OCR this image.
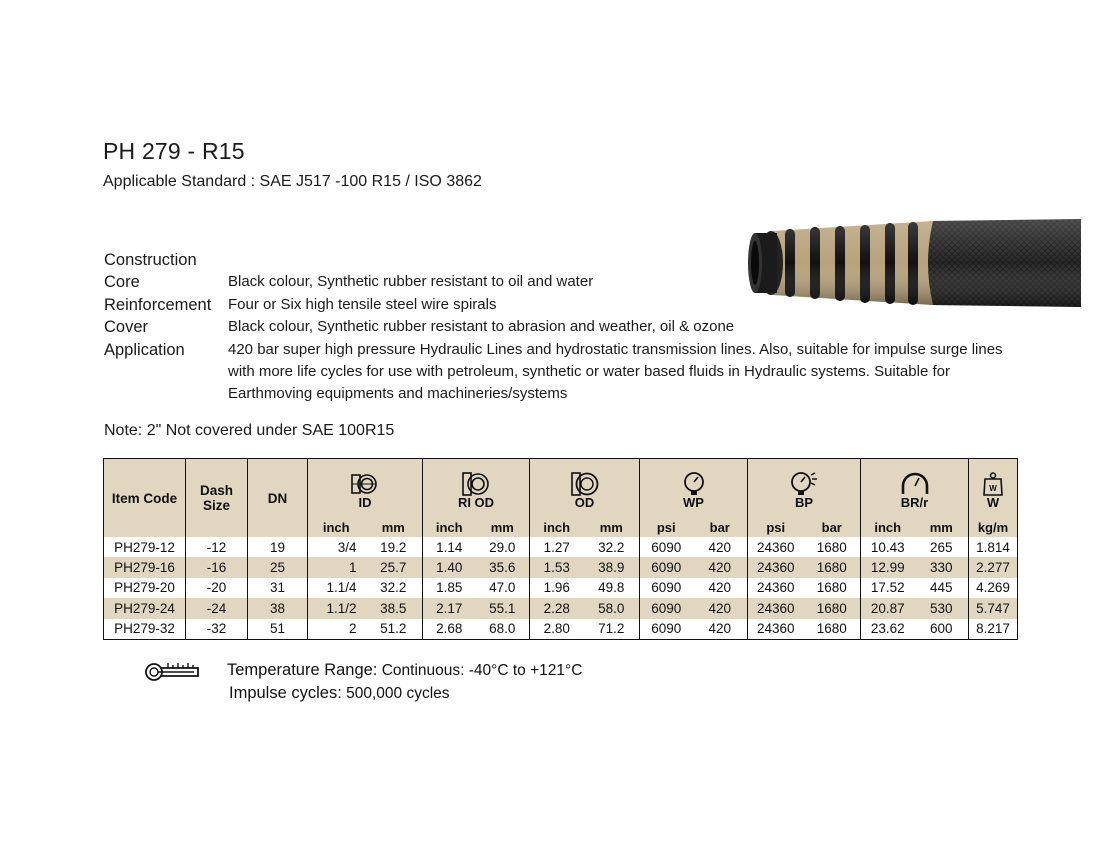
PH 279 - R15
Applicable Standard : SAE J517 -100 R15 / ISO 3862
Construction
Core	Black colour, Synthetic rubber resistant to oil and water
Reinforcement	Four or Six high tensile steel wire spirals
Cover	Black colour, Synthetic rubber resistant to abrasion and weather, oil & ozone
Application	420 bar super high pressure Hydraulic Lines and hydrostatic transmission lines. Also, suitable for impulse surge lines with more life cycles for use with petroleum, synthetic or water based fluids in Hydraulic systems. Suitable for Earthmoving equipments and machineries/systems
Note: 2" Not covered under SAE 100R15
Item Code	Dash Size	DN	ID		RI OD		OD		WP		BP		BR/r		W
W

			inch	mm	inch	mm	inch	mm	psi	bar	psi	bar	inch	mm	kg/m
PH279-12	-12	19	3/4	19.2	1.14	29.0	1.27	32.2	6090	420	24360	1680	10.43	265	1.814
PH279-16	-16	25	1	25.7	1.40	35.6	1.53	38.9	6090	420	24360	1680	12.99	330	2.277
PH279-20	-20	31	1.1/4	32.2	1.85	47.0	1.96	49.8	6090	420	24360	1680	17.52	445	4.269
PH279-24	-24	38	1.1/2	38.5	2.17	55.1	2.28	58.0	6090	420	24360	1680	20.87	530	5.747
PH279-32	-32	51	2	51.2	2.68	68.0	2.80	71.2	6090	420	24360	1680	23.62	600	8.217
Temperature Range: Continuous: -40°C to +121°C
Impulse cycles: 500,000 cycles
